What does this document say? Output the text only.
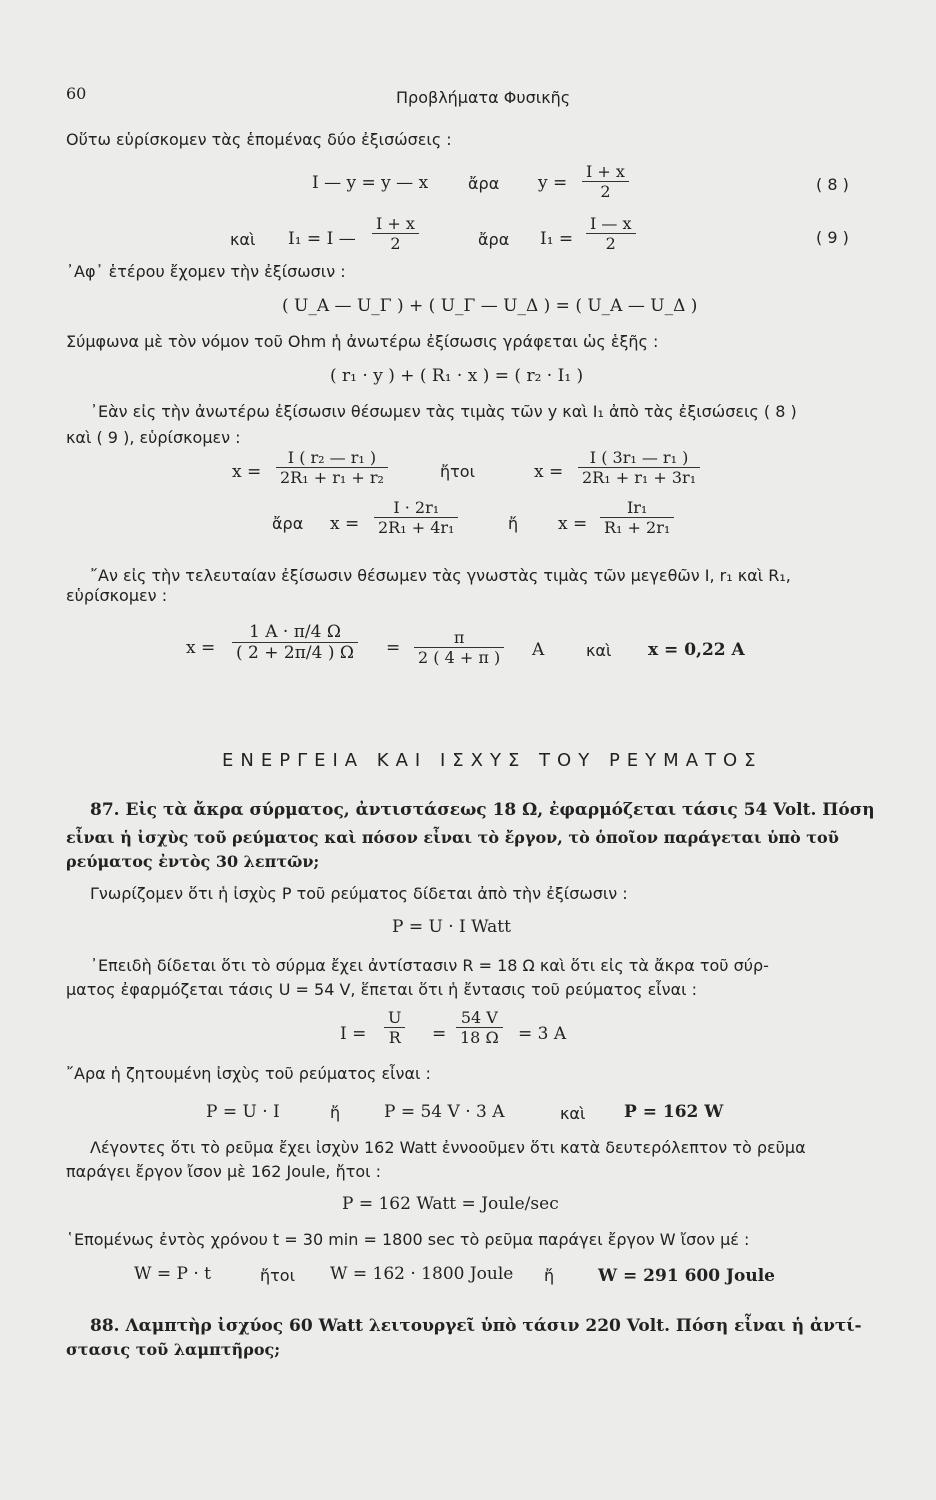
60	Προβλήματα Φυσικῆς
Οὕτω εὑρίσκομεν τὰς ἑπομένας δύο ἐξισώσεις :
I — y = y — x ἄρα $y = \frac{I + x}{2}$	( 8 )
καὶ I₁ = I — $\frac{I + x}{2}$	ἄρα $I_1 = \frac{I — x}{2}$	( 9 )
᾿Αφ᾿ ἑτέρου ἔχομεν τὴν ἐξίσωσιν :
( U_A — U_Γ ) + ( U_Γ — U_Δ ) = ( U_A — U_Δ )
Σύμφωνα μὲ τὸν νόμον τοῦ Ohm ἡ ἀνωτέρω ἐξίσωσις γράφεται ὡς ἑξῆς :
( r₁ · y ) + ( R₁ · x ) = ( r₂ · I₁ )
᾿Εὰν εἰς τὴν ἀνωτέρω ἐξίσωσιν θέσωμεν τὰς τιμὰς τῶν y καὶ I₁ ἀπὸ τὰς ἐξισώσεις ( 8 )
καὶ ( 9 ), εὑρίσκομεν :
$x = \frac{\text{I ( r₂ — r₁ )}}{\text{2R₁ + r₁ + r₂}}$	ἤτοι	$x = \frac{\text{I ( 3r₁ — r₁ )}}{\text{2R₁ + r₁ + 3r₁}}$
ἄρα $x = \frac{\text{I · 2r₁}}{\text{2R₁ + 4r₁}}$	ἤ $x = \frac{\text{Ir₁}}{\text{R₁ + 2r₁}}$
῎Αν εἰς τὴν τελευταίαν ἐξίσωσιν θέσωμεν τὰς γνωστὰς τιμὰς τῶν μεγεθῶν I, r₁ καὶ R₁,
εὑρίσκομεν :
$x = \frac{1 A \cdot \pi/4 \Omega}{( 2 + 2\pi/4 ) \Omega} = \frac{\pi}{2 ( 4 + \pi )}$ A	καὶ x = 0,22 A
ΕΝΕΡΓΕΙΑ ΚΑΙ ΙΣΧΥΣ ΤΟΥ ΡΕΥΜΑΤΟΣ
87. Εἰς τὰ ἄκρα σύρματος, ἀντιστάσεως 18 Ω, ἐφαρμόζεται τάσις 54 Volt. Πόση
εἶναι ἡ ἰσχὺς τοῦ ρεύματος καὶ πόσον εἶναι τὸ ἔργον, τὸ ὁποῖον παράγεται ὑπὸ τοῦ
ρεύματος ἐντὸς 30 λεπτῶν;
Γνωρίζομεν ὅτι ἡ ἰσχὺς P τοῦ ρεύματος δίδεται ἀπὸ τὴν ἐξίσωσιν :
P = U · I Watt
᾿Επειδὴ δίδεται ὅτι τὸ σύρμα ἔχει ἀντίστασιν R = 18 Ω καὶ ὅτι εἰς τὰ ἄκρα τοῦ σύρ-
ματος ἐφαρμόζεται τάσις U = 54 V, ἕπεται ὅτι ἡ ἔντασις τοῦ ρεύματος εἶναι :
$I = \frac{U}{R} = \frac{54 V}{18 \Omega} = 3$ A
῎Αρα ἡ ζητουμένη ἰσχὺς τοῦ ρεύματος εἶναι :
P = U · I	ἤ	P = 54 V · 3 A	καὶ P = 162 W
Λέγοντες ὅτι τὸ ρεῦμα ἔχει ἰσχὺν 162 Watt ἐννοοῦμεν ὅτι κατὰ δευτερόλεπτον τὸ ρεῦμα
παράγει ἔργον ἴσον μὲ 162 Joule, ἤτοι :
P = 162 Watt = Joule/sec
῾Επομένως ἐντὸς χρόνου t = 30 min = 1800 sec τὸ ρεῦμα παράγει ἔργον W ἴσον μέ :
W = P · t	ἤτοι W = 162 · 1800 Joule ἤ	W = 291 600 Joule
88. Λαμπτὴρ ἰσχύος 60 Watt λειτουργεῖ ὑπὸ τάσιν 220 Volt. Πόση εἶναι ἡ ἀντί-
στασις τοῦ λαμπτῆρος;
